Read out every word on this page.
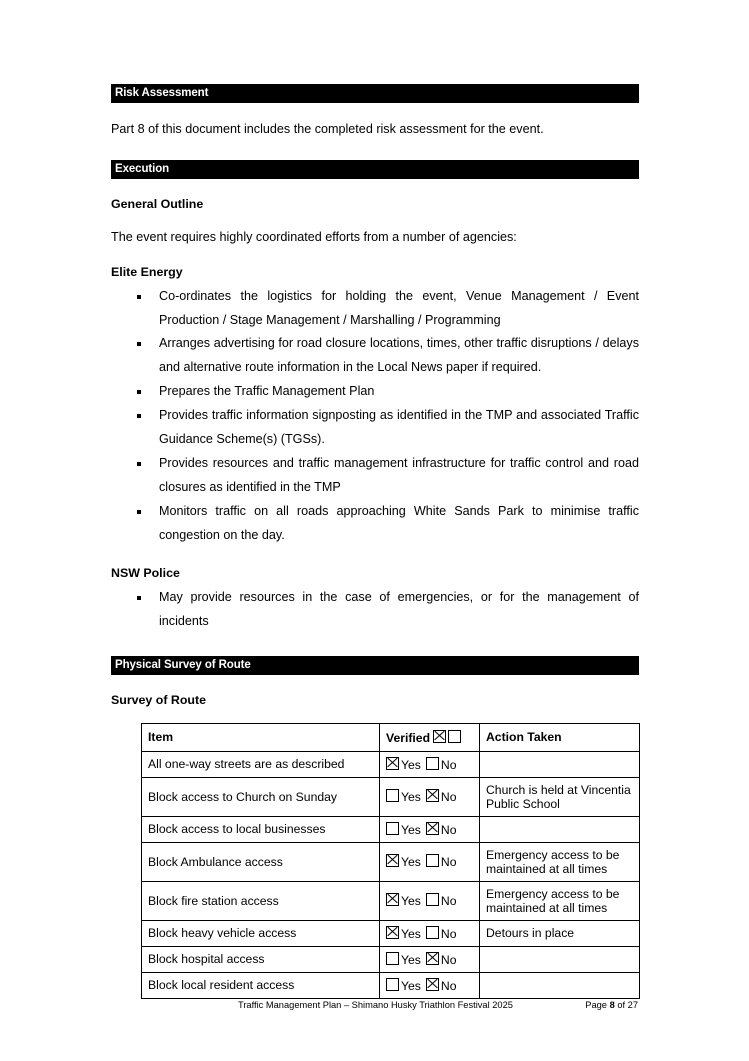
Risk Assessment
Part 8 of this document includes the completed risk assessment for the event.
Execution
General Outline
The event requires highly coordinated efforts from a number of agencies:
Elite Energy
Co-ordinates the logistics for holding the event, Venue Management / Event Production / Stage Management / Marshalling / Programming
Arranges advertising for road closure locations, times, other traffic disruptions / delays and alternative route information in the Local News paper if required.
Prepares the Traffic Management Plan
Provides traffic information signposting as identified in the TMP and associated Traffic Guidance Scheme(s) (TGSs).
Provides resources and traffic management infrastructure for traffic control and road closures as identified in the TMP
Monitors traffic on all roads approaching White Sands Park to minimise traffic congestion on the day.
NSW Police
May provide resources in the case of emergencies, or for the management of incidents
Physical Survey of Route
Survey of Route
Item	Verified	Action Taken
All one-way streets are as described	Yes No	
Block access to Church on Sunday	Yes No	Church is held at Vincentia Public School
Block access to local businesses	Yes No	
Block Ambulance access	Yes No	Emergency access to be maintained at all times
Block fire station access	Yes No	Emergency access to be maintained at all times
Block heavy vehicle access	Yes No	Detours in place
Block hospital access	Yes No	
Block local resident access	Yes No	
Traffic Management Plan – Shimano Husky Triathlon Festival 2025	Page 8 of 27
